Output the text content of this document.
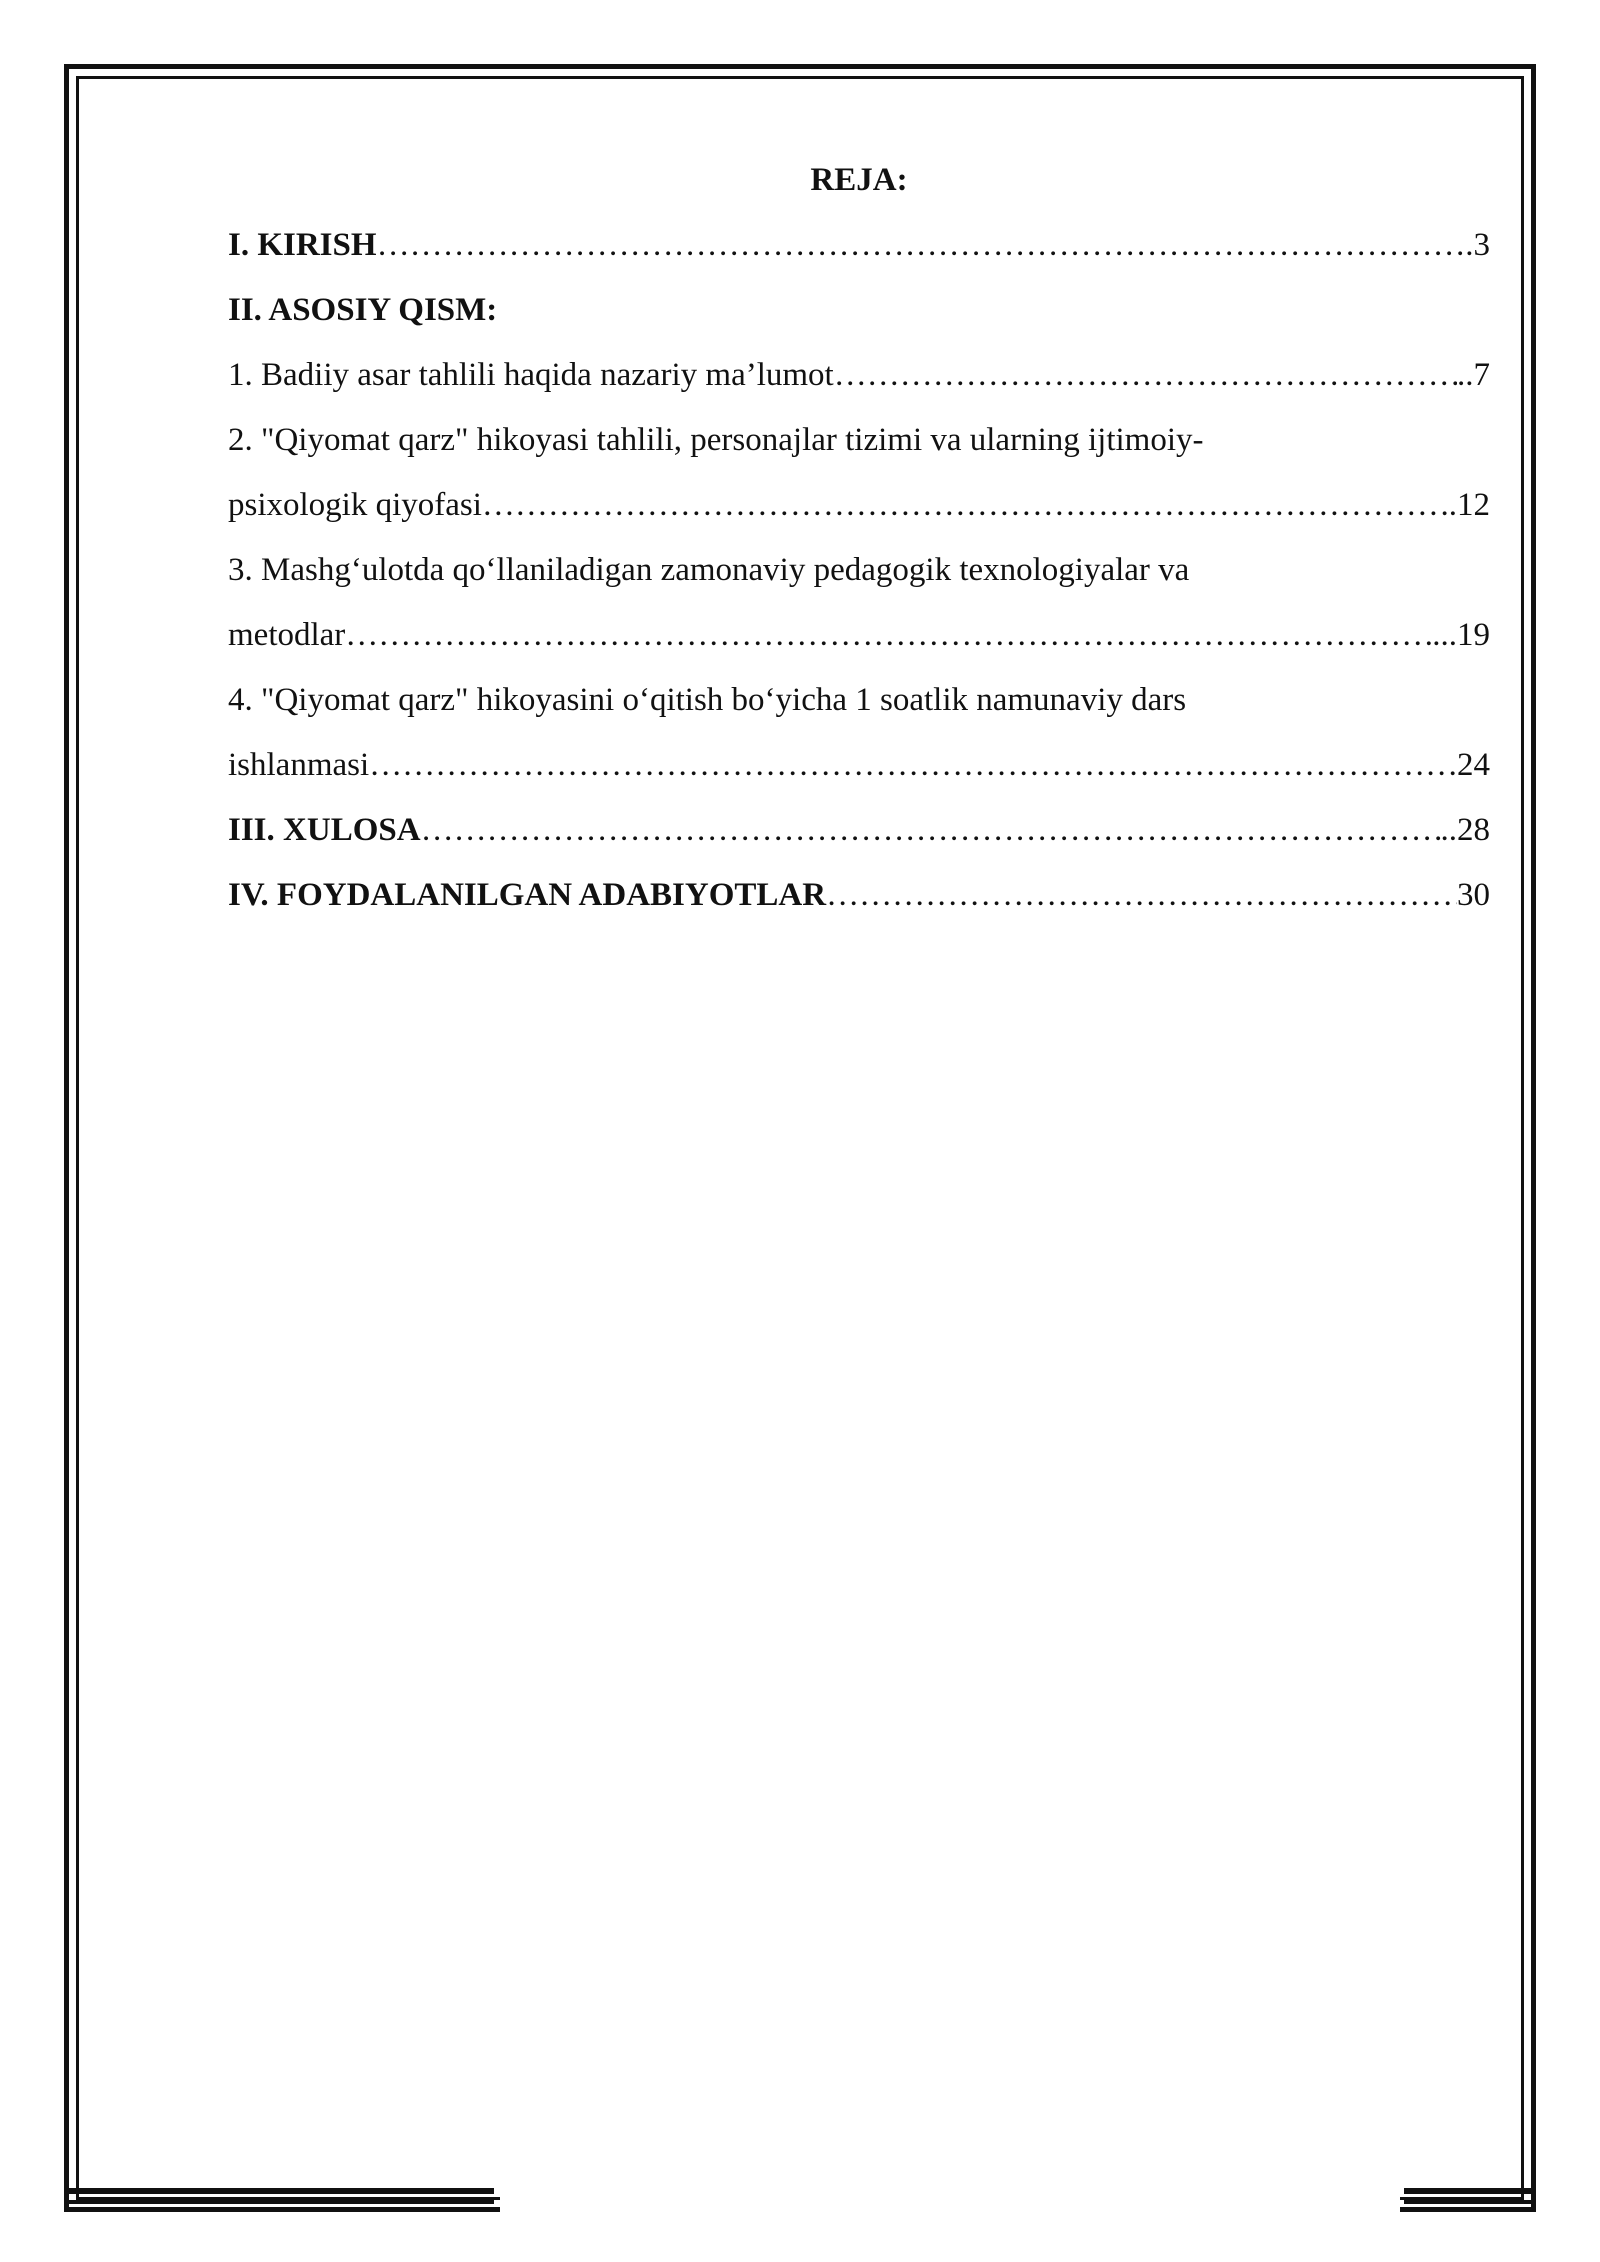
REJA:
I. KIRISH ……………………………………………………………………………………………………………………………………………………………………………………	.3
II. ASOSIY QISM:
1. Badiiy asar tahlili haqida nazariy ma’lumot ……………………………………………………………………………………………………………………………………………………………………………………	..7
2. "Qiyomat qarz" hikoyasi tahlili, personajlar tizimi va ularning ijtimoiy-
psixologik qiyofasi ……………………………………………………………………………………………………………………………………………………………………………………	..12
3. Mashg‘ulotda qo‘llaniladigan zamonaviy pedagogik texnologiyalar va
metodlar ……………………………………………………………………………………………………………………………………………………………………………………	...19
4. "Qiyomat qarz" hikoyasini o‘qitish bo‘yicha 1 soatlik namunaviy dars
ishlanmasi ……………………………………………………………………………………………………………………………………………………………………………………	24
III. XULOSA ……………………………………………………………………………………………………………………………………………………………………………………	..28
IV. FOYDALANILGAN ADABIYOTLAR ……………………………………………………………………………………………………………………………………………………………………………………	30
